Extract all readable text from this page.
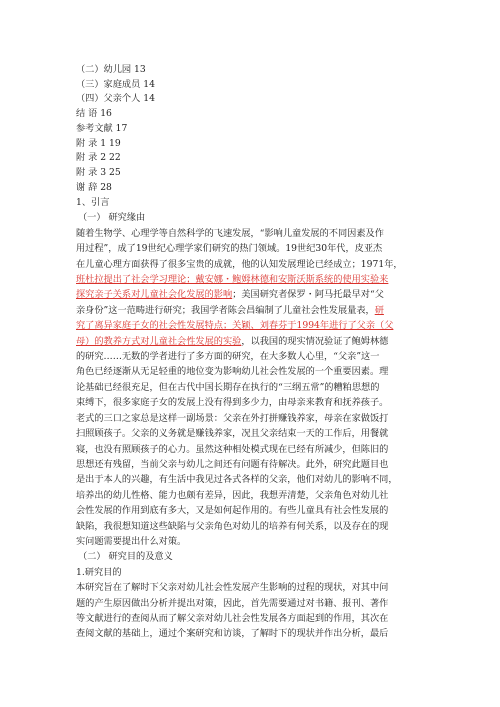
（二）幼儿园 13
（三）家庭成员 14
（四）父亲个人 14
结 语 16
参考文献 17
附 录 1 19
附 录 2 22
附 录 3 25
谢 辞 28
1、引言
（一） 研究缘由
随着生物学、心理学等自然科学的飞速发展，“影响儿童发展的不同因素及作
用过程”，成了19世纪心理学家们研究的热门领域。19世纪30年代，皮亚杰
在儿童心理方面获得了很多宝贵的成就，他的认知发展理论已经成立；1971年，
班杜拉提出了社会学习理论；戴安娜・鲍姆林德和安斯沃斯系统的使用实验来
探究亲子关系对儿童社会化发展的影响；美国研究者保罗・阿马托最早对“父
亲身份”这一范畴进行研究；我国学者陈会昌编制了儿童社会性发展量表，研
究了离异家庭子女的社会性发展特点；关颖、刘春芬于1994年进行了父亲（父
母）的教养方式对儿童社会性发展的实验，以我国的现实情况验证了鲍姆林德
的研究……无数的学者进行了多方面的研究，在大多数人心里，“父亲”这一
角色已经逐渐从无足轻重的地位变为影响幼儿社会性发展的一个重要因素。理
论基础已经很充足，但在古代中国长期存在执行的“三纲五常”的糟粕思想的
束缚下，很多家庭子女的发展上没有得到多少力，由母亲来教育和抚养孩子。
老式的三口之家总是这样一副场景：父亲在外打拼赚钱养家，母亲在家做饭打
扫照顾孩子。父亲的义务就是赚钱养家，况且父亲结束一天的工作后，用餐就
寝，也没有照顾孩子的心力。虽然这种相处模式现在已经有所减少，但陈旧的
思想还有残留，当前父亲与幼儿之间还有问题有待解决。此外，研究此题目也
是出于本人的兴趣，有生活中我见过各式各样的父亲，他们对幼儿的影响不同，
培养出的幼儿性格、能力也颇有差异，因此，我想弄清楚，父亲角色对幼儿社
会性发展的作用到底有多大，又是如何起作用的。有些儿童具有社会性发展的
缺陷，我很想知道这些缺陷与父亲角色对幼儿的培养有何关系，以及存在的现
实问题需要提出什么对策。
（二） 研究目的及意义
1.研究目的
本研究旨在了解时下父亲对幼儿社会性发展产生影响的过程的现状，对其中问
题的产生原因做出分析并提出对策，因此，首先需要通过对书籍、报刊、著作
等文献进行的查阅从而了解父亲对幼儿社会性发展各方面起到的作用，其次在
查阅文献的基础上，通过个案研究和访谈，了解时下的现状并作出分析，最后
